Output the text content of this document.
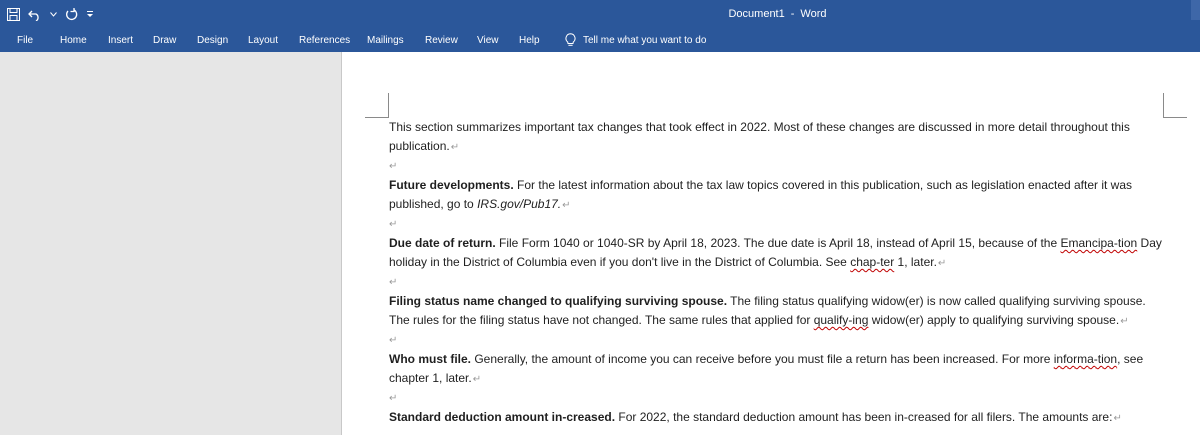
Document1 - Word
File	Home Insert Draw Design Layout References Mailings Review View Help	Tell me what you want to do

This section summarizes important tax changes that took effect in 2022. Most of these changes are discussed in more detail throughout this publication.↵

↵

Future developments. For the latest information about the tax law topics covered in this publication, such as legislation enacted after it was published, go to IRS.gov/Pub17.↵

↵

Due date of return. File Form 1040 or 1040-SR by April 18, 2023. The due date is April 18, instead of April 15, because of the Emancipa-tion Day holiday in the District of Columbia even if you don't live in the District of Columbia. See chap-ter 1, later.↵

↵

Filing status name changed to qualifying surviving spouse. The filing status qualifying widow(er) is now called qualifying surviving spouse. The rules for the filing status have not changed. The same rules that applied for qualify-ing widow(er) apply to qualifying surviving spouse.↵

↵

Who must file. Generally, the amount of income you can receive before you must file a return has been increased. For more informa-tion, see chapter 1, later.↵

↵

Standard deduction amount in-creased. For 2022, the standard deduction amount has been in-creased for all filers. The amounts are:↵
